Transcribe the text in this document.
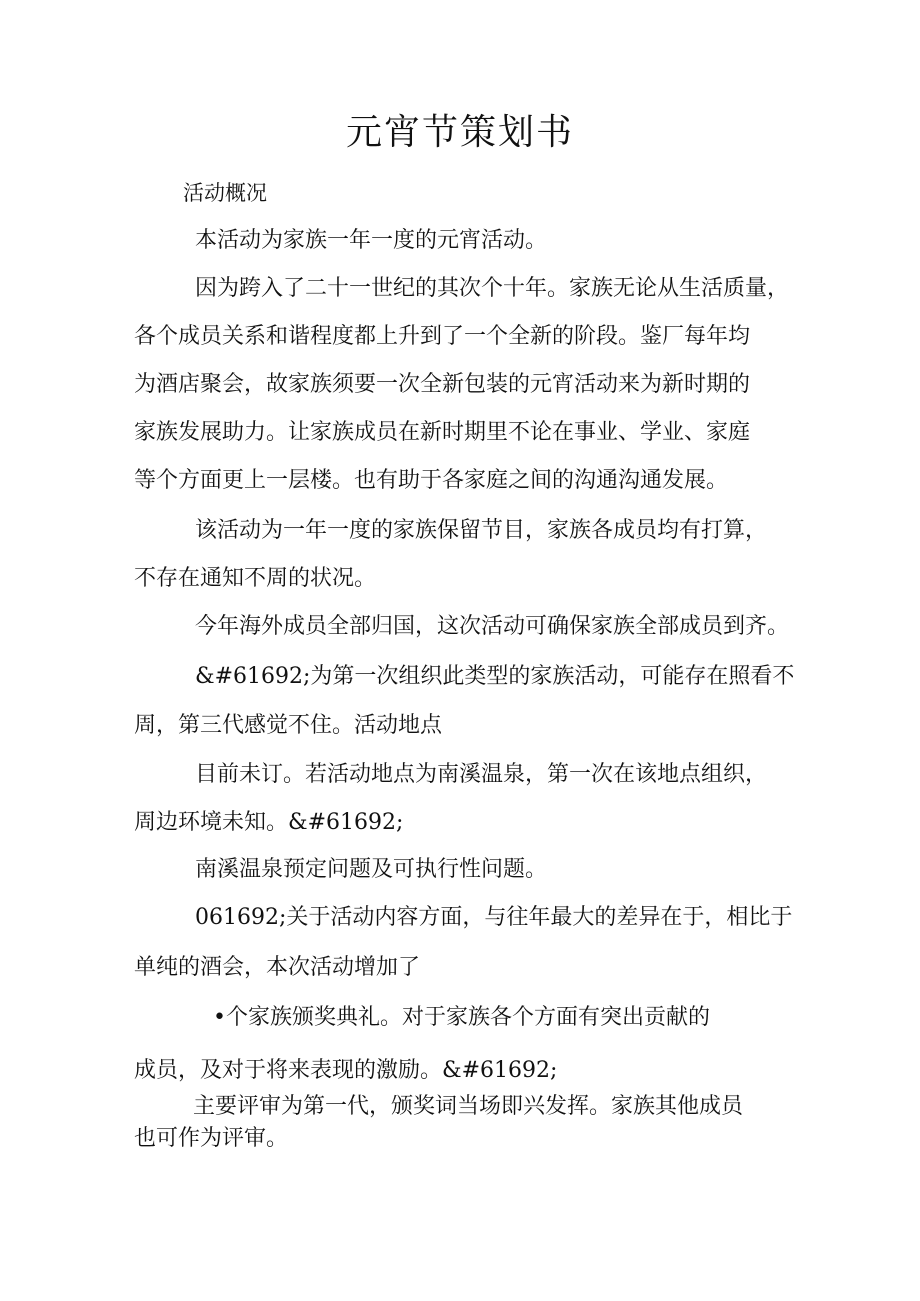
元宵节策划书
活动概况
本活动为家族一年一度的元宵活动。
因为跨入了二十一世纪的其次个十年。家族无论从生活质量，
各个成员关系和谐程度都上升到了一个全新的阶段。鉴厂每年均
为酒店聚会，故家族须要一次全新包装的元宵活动来为新时期的
家族发展助力。让家族成员在新时期里不论在事业、学业、家庭
等个方面更上一层楼。也有助于各家庭之间的沟通沟通发展。
该活动为一年一度的家族保留节目，家族各成员均有打算，
不存在通知不周的状况。
今年海外成员全部归国，这次活动可确保家族全部成员到齐。
&#61692;为第一次组织此类型的家族活动，可能存在照看不
周，第三代感觉不住。活动地点
目前未订。若活动地点为南溪温泉，第一次在该地点组织，
周边环境未知。&#61692;
南溪温泉预定问题及可执行性问题。
061692;关于活动内容方面，与往年最大的差异在于，相比于
单纯的酒会，本次活动增加了
•个家族颁奖典礼。对于家族各个方面有突出贡献的
成员，及对于将来表现的激励。&#61692;
主要评审为第一代，颁奖词当场即兴发挥。家族其他成员
也可作为评审。
